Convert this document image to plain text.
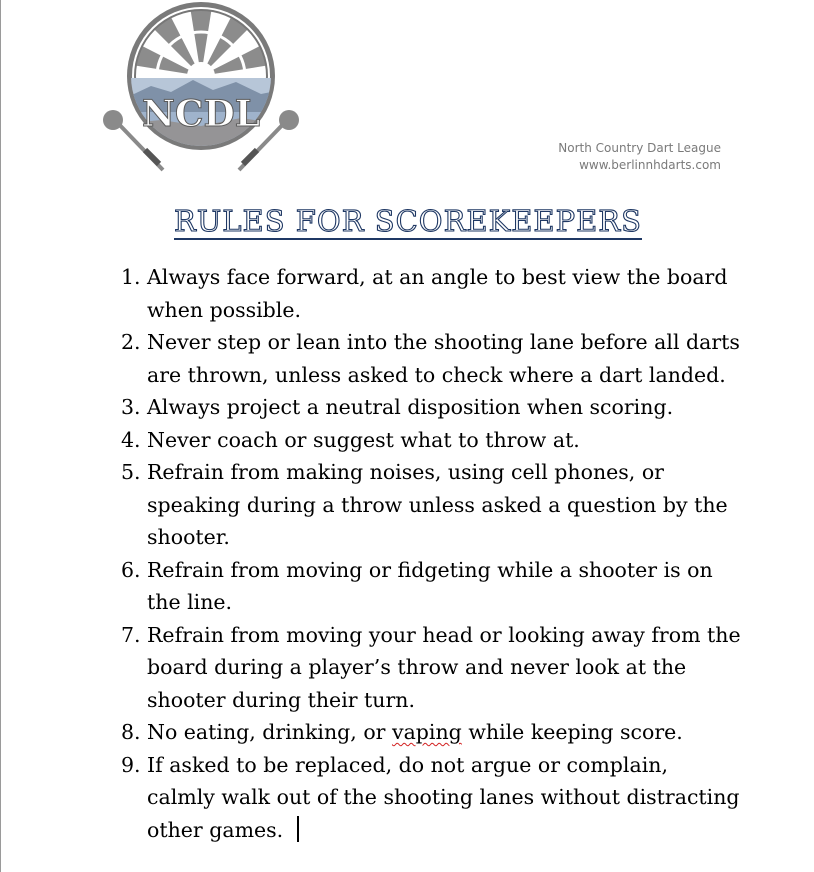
NCDL
North Country Dart League
www.berlinnhdarts.com
RULES FOR SCOREKEEPERS
1. Always face forward, at an angle to best view the board when possible.
2. Never step or lean into the shooting lane before all darts are thrown, unless asked to check where a dart landed.
3. Always project a neutral disposition when scoring.
4. Never coach or suggest what to throw at.
5. Refrain from making noises, using cell phones, or speaking during a throw unless asked a question by the shooter.
6. Refrain from moving or fidgeting while a shooter is on the line.
7. Refrain from moving your head or looking away from the board during a player’s throw and never look at the shooter during their turn.
8. No eating, drinking, or vaping while keeping score.
9. If asked to be replaced, do not argue or complain, calmly walk out of the shooting lanes without distracting other games.
